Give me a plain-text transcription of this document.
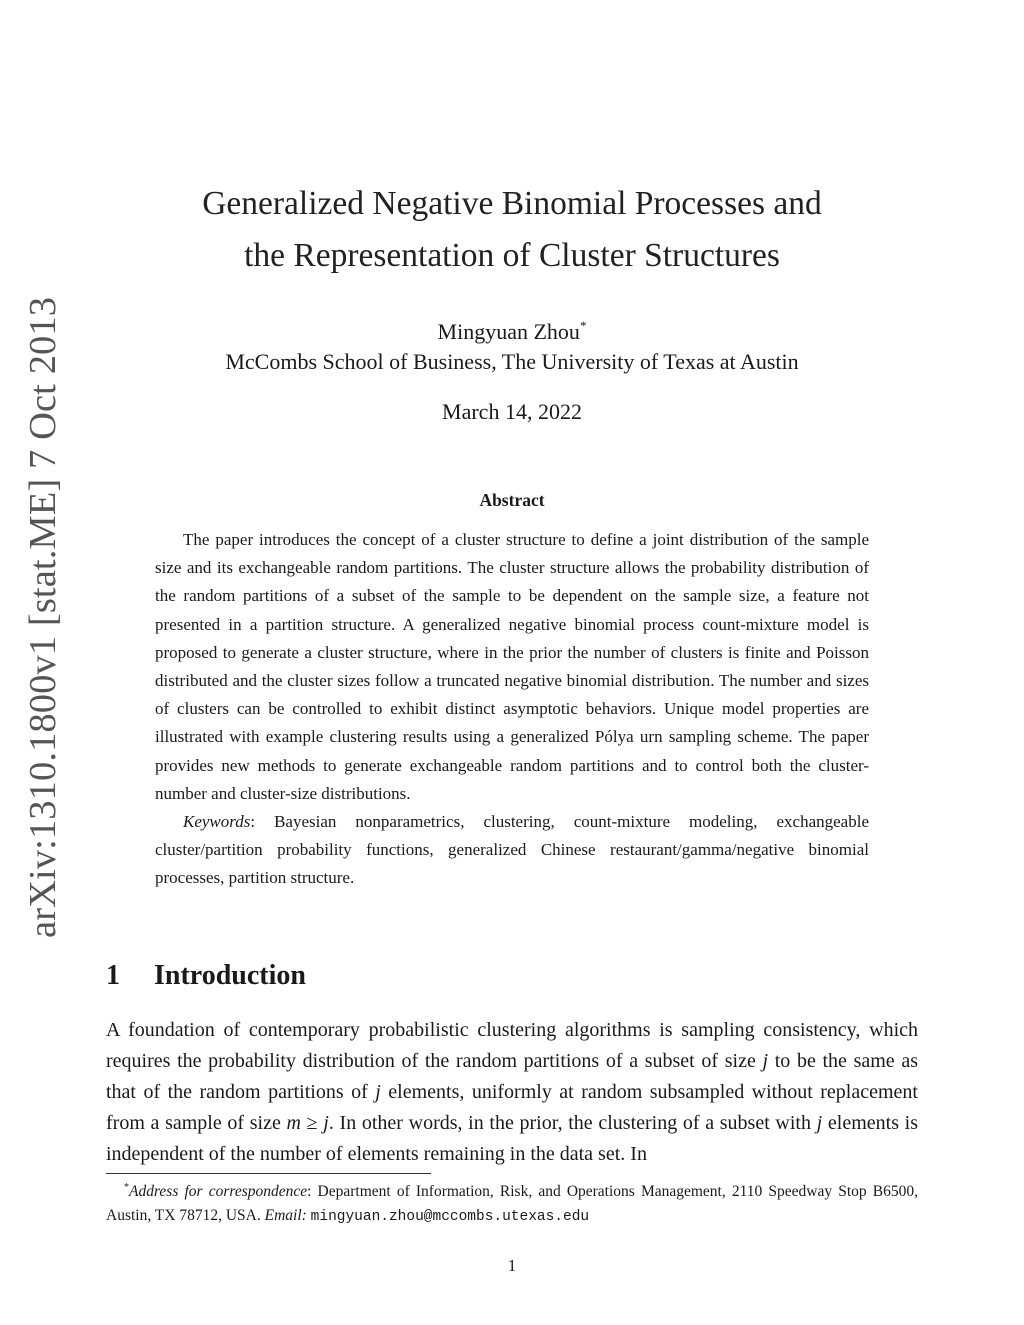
arXiv:1310.1800v1 [stat.ME] 7 Oct 2013
Generalized Negative Binomial Processes and
the Representation of Cluster Structures
Mingyuan Zhou*
McCombs School of Business, The University of Texas at Austin
March 14, 2022
Abstract

The paper introduces the concept of a cluster structure to define a joint distribution of the sample size and its exchangeable random partitions. The cluster structure allows the probability distribution of the random partitions of a subset of the sample to be dependent on the sample size, a feature not presented in a partition structure. A generalized negative binomial process count-mixture model is proposed to generate a cluster structure, where in the prior the number of clusters is finite and Poisson distributed and the cluster sizes follow a truncated negative binomial distribution. The number and sizes of clusters can be controlled to exhibit distinct asymptotic behaviors. Unique model properties are illustrated with example clustering results using a generalized Pólya urn sampling scheme. The paper provides new methods to generate exchangeable random partitions and to control both the cluster-number and cluster-size distributions.

Keywords: Bayesian nonparametrics, clustering, count-mixture modeling, exchangeable cluster/partition probability functions, generalized Chinese restaurant/gamma/negative binomial processes, partition structure.

1 Introduction

A foundation of contemporary probabilistic clustering algorithms is sampling consistency, which requires the probability distribution of the random partitions of a subset of size j to be the same as that of the random partitions of j elements, uniformly at random subsampled without replacement from a sample of size m ≥ j. In other words, in the prior, the clustering of a subset with j elements is independent of the number of elements remaining in the data set. In

*Address for correspondence: Department of Information, Risk, and Operations Management, 2110 Speedway Stop B6500, Austin, TX 78712, USA. Email: mingyuan.zhou@mccombs.utexas.edu

1
